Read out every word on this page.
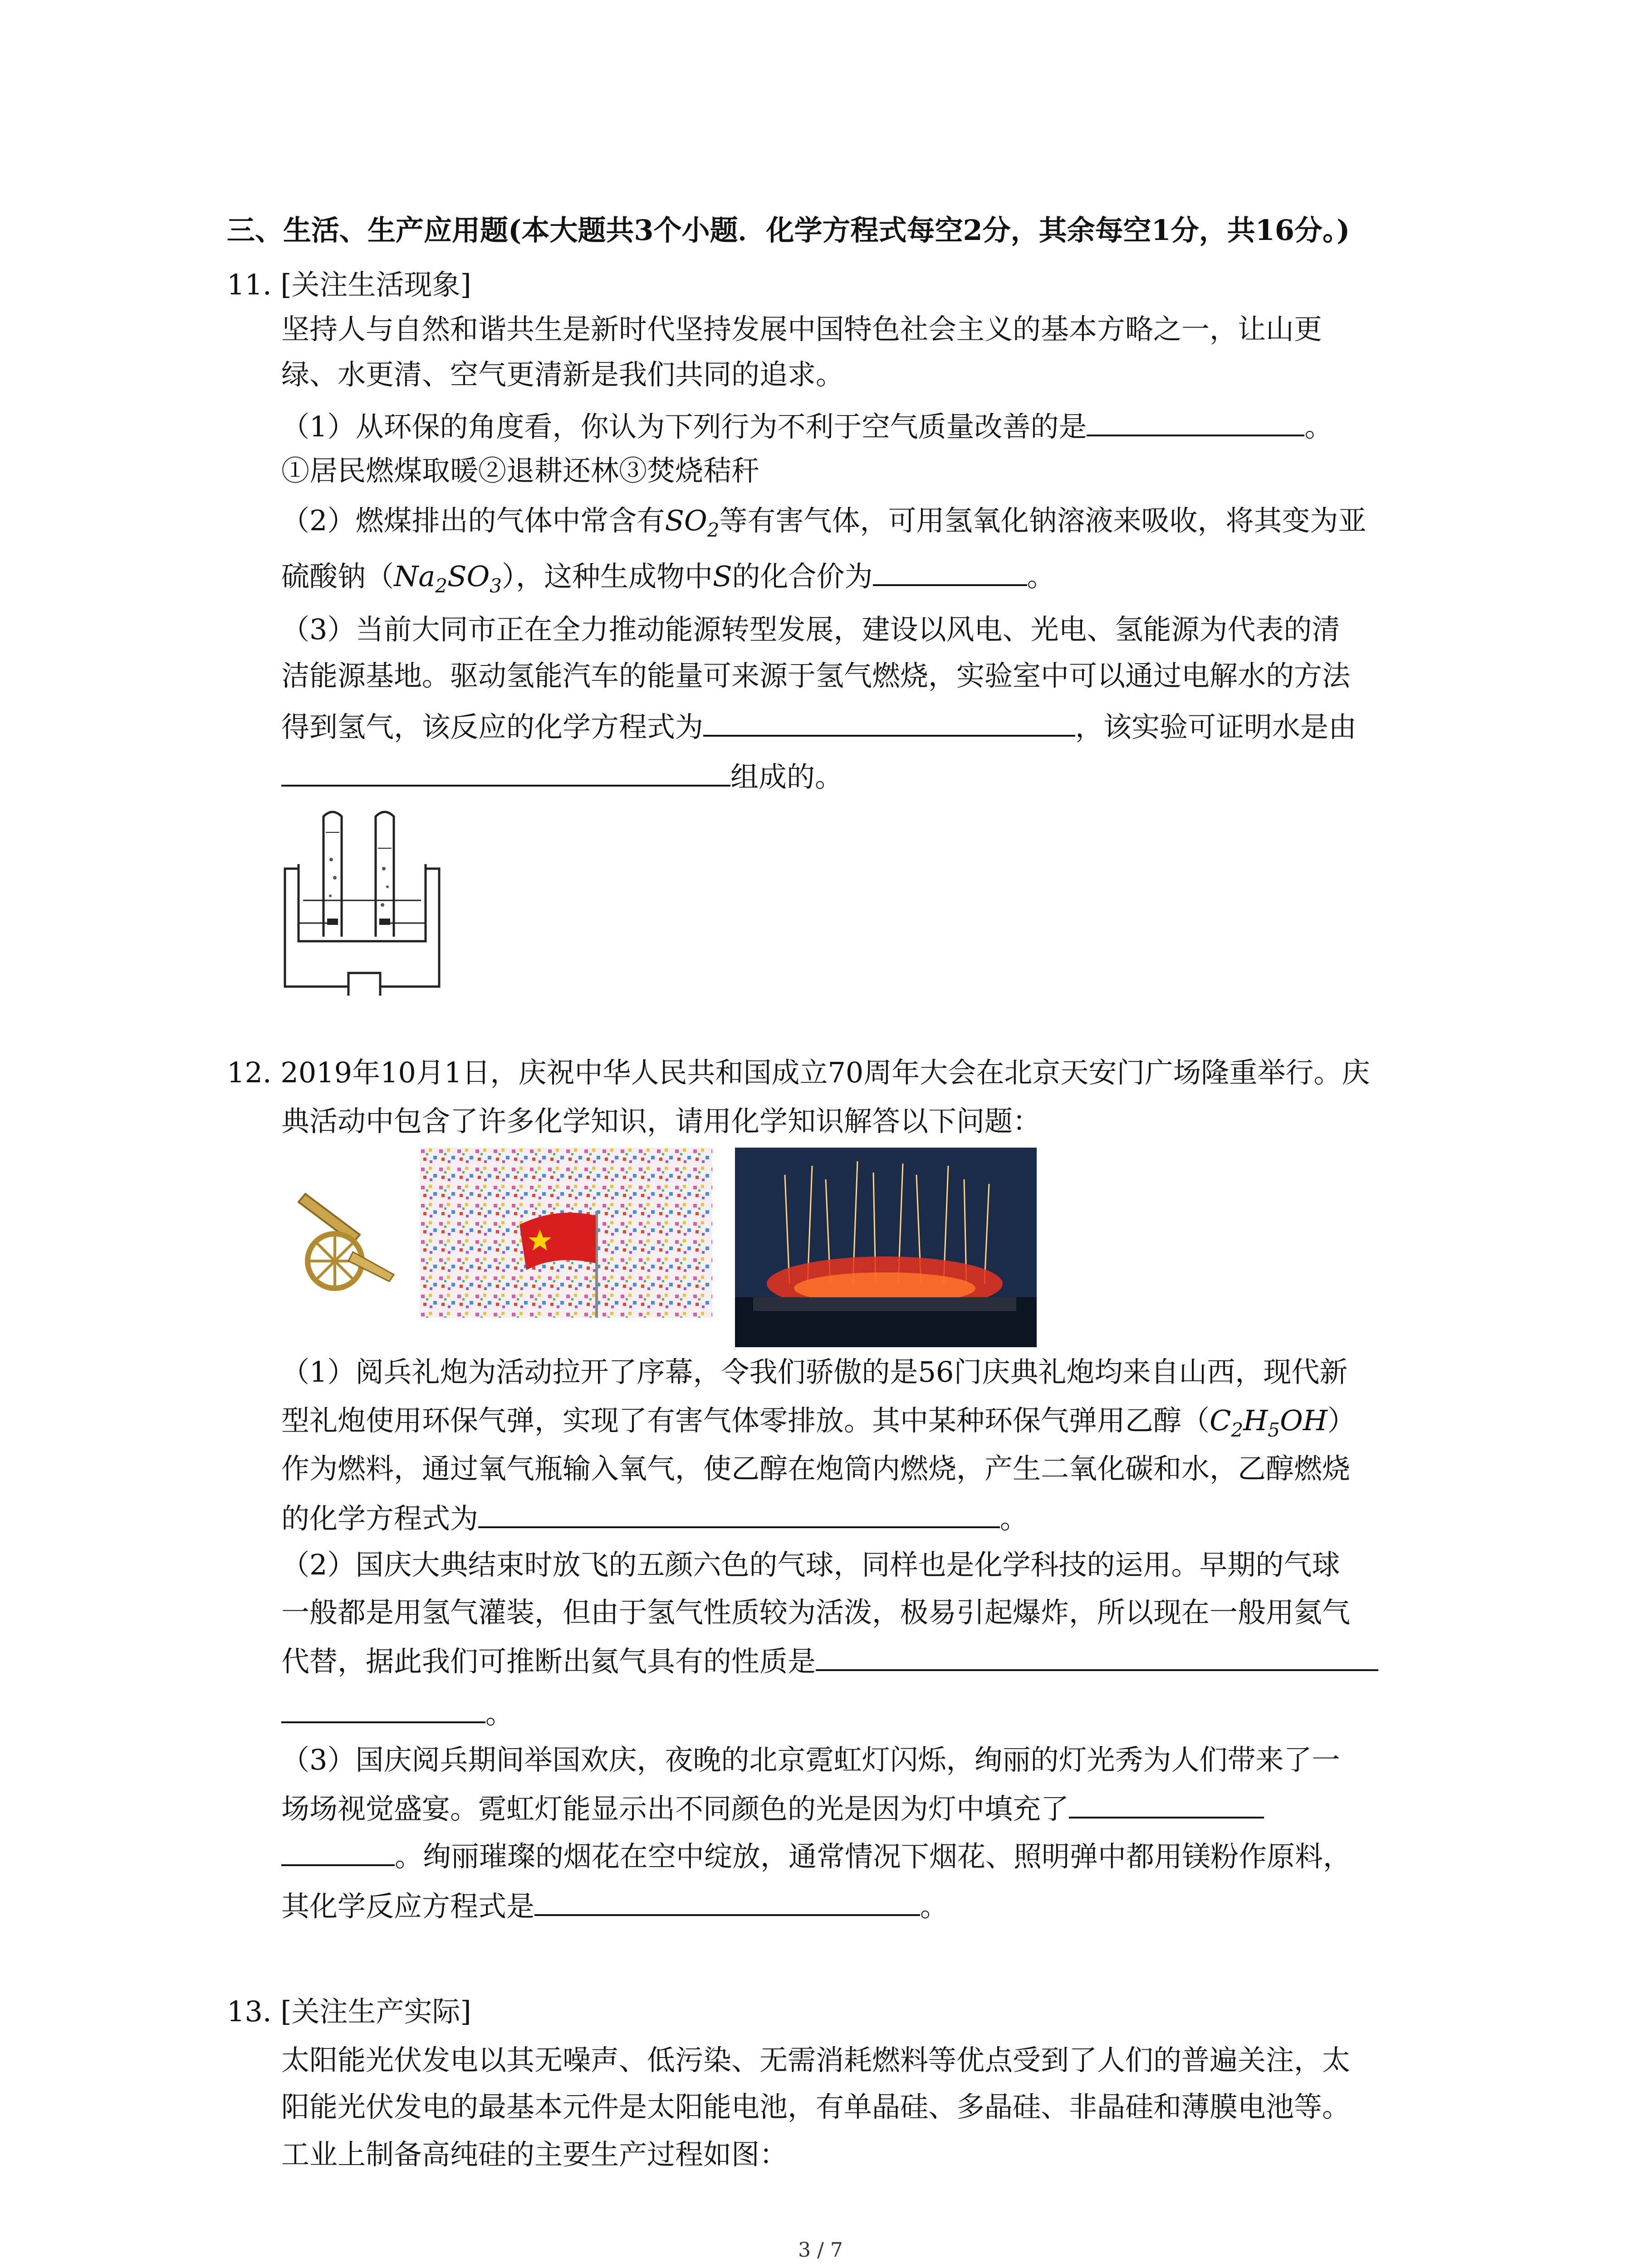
三、生活、生产应用题(本大题共3个小题．化学方程式每空2分，其余每空1分，共16分。)
11. [关注生活现象]
坚持人与自然和谐共生是新时代坚持发展中国特色社会主义的基本方略之一，让山更
绿、水更清、空气更清新是我们共同的追求。
（1）从环保的角度看，你认为下列行为不利于空气质量改善的是	。
①居民燃煤取暖②退耕还林③焚烧秸秆
（2）燃煤排出的气体中常含有$SO_2$等有害气体，可用氢氧化钠溶液来吸收，将其变为亚
硫酸钠$(Na_2SO_3)$，这种生成物中S的化合价为	。
（3）当前大同市正在全力推动能源转型发展，建设以风电、光电、氢能源为代表的清
洁能源基地。驱动氢能汽车的能量可来源于氢气燃烧，实验室中可以通过电解水的方法
得到氢气，该反应的化学方程式为	，该实验可证明水是由
组成的。
12. 2019年10月1日，庆祝中华人民共和国成立70周年大会在北京天安门广场隆重举行。庆
典活动中包含了许多化学知识，请用化学知识解答以下问题：
（1）阅兵礼炮为活动拉开了序幕，令我们骄傲的是56门庆典礼炮均来自山西，现代新
型礼炮使用环保气弹，实现了有害气体零排放。其中某种环保气弹用乙醇$(C_2H_5OH)$
作为燃料，通过氧气瓶输入氧气，使乙醇在炮筒内燃烧，产生二氧化碳和水，乙醇燃烧
的化学方程式为	。
（2）国庆大典结束时放飞的五颜六色的气球，同样也是化学科技的运用。早期的气球
一般都是用氢气灌装，但由于氢气性质较为活泼，极易引起爆炸，所以现在一般用氦气
代替，据此我们可推断出氦气具有的性质是
。
（3）国庆阅兵期间举国欢庆，夜晚的北京霓虹灯闪烁，绚丽的灯光秀为人们带来了一
场场视觉盛宴。霓虹灯能显示出不同颜色的光是因为灯中填充了
。绚丽璀璨的烟花在空中绽放，通常情况下烟花、照明弹中都用镁粉作原料，
其化学反应方程式是	。
13. [关注生产实际]
太阳能光伏发电以其无噪声、低污染、无需消耗燃料等优点受到了人们的普遍关注，太
阳能光伏发电的最基本元件是太阳能电池，有单晶硅、多晶硅、非晶硅和薄膜电池等。
工业上制备高纯硅的主要生产过程如图：
3 / 7
